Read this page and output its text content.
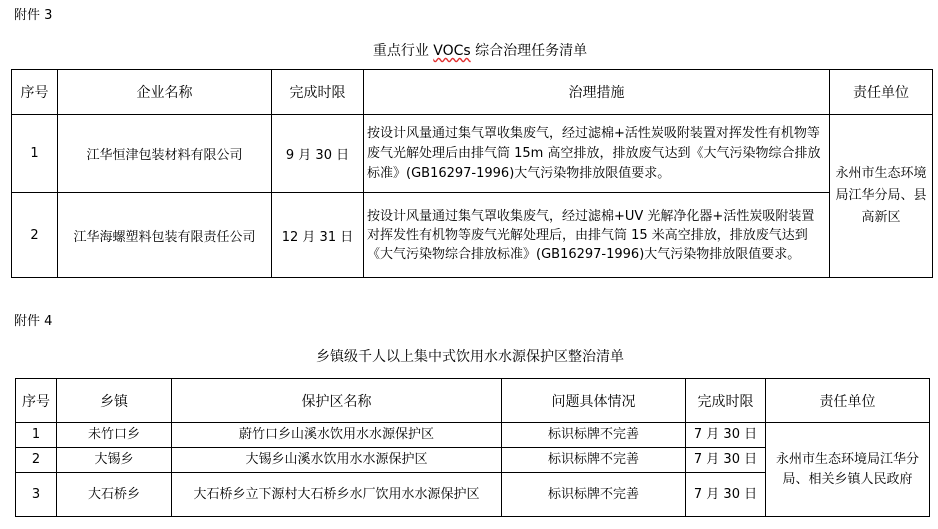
附件 3
重点行业 VOCs 综合治理任务清单
序号	企业名称	完成时限	治理措施	责任单位
1	江华恒津包装材料有限公司	9 月 30 日	按设计风量通过集气罩收集废气，经过滤棉+活性炭吸附装置对挥发性有机物等废气光解处理后由排气筒 15m 高空排放，排放废气达到《大气污染物综合排放标准》(GB16297-1996)大气污染物排放限值要求。	永州市生态环境局江华分局、县高新区
2	江华海螺塑料包装有限责任公司	12 月 31 日	按设计风量通过集气罩收集废气，经过滤棉+UV 光解净化器+活性炭吸附装置对挥发性有机物等废气光解处理后，由排气筒 15 米高空排放，排放废气达到《大气污染物综合排放标准》(GB16297-1996)大气污染物排放限值要求。	
附件 4
乡镇级千人以上集中式饮用水水源保护区整治清单
序号	乡镇	保护区名称	问题具体情况	完成时限	责任单位
1	未竹口乡	蔚竹口乡山溪水饮用水水源保护区	标识标牌不完善	7 月 30 日	永州市生态环境局江华分局、相关乡镇人民政府
2	大锡乡	大锡乡山溪水饮用水水源保护区	标识标牌不完善	7 月 30 日	
3	大石桥乡	大石桥乡立下源村大石桥乡水厂饮用水水源保护区	标识标牌不完善	7 月 30 日	
